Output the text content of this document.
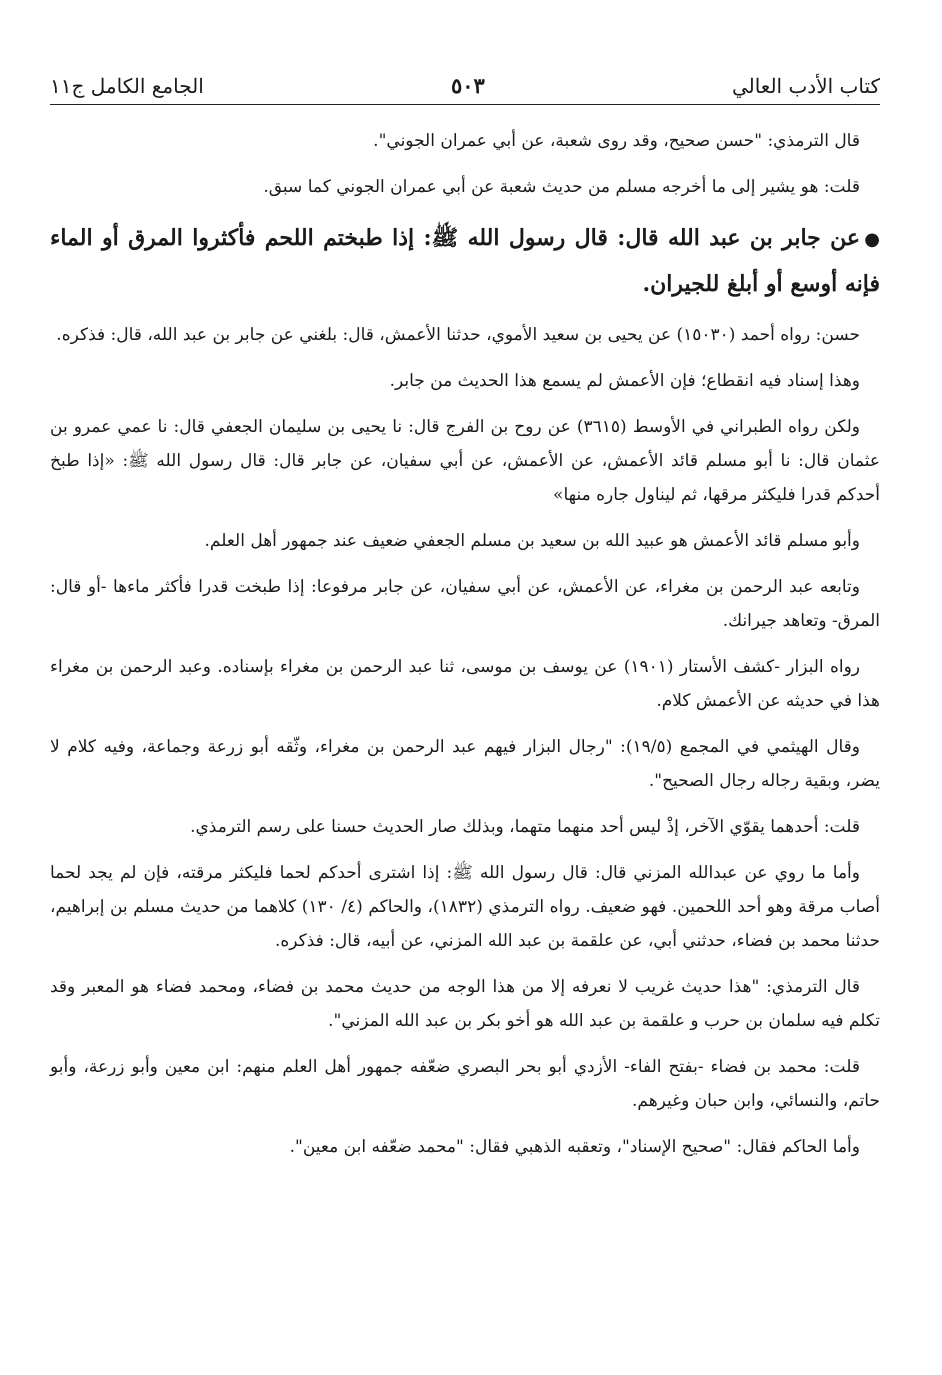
كتاب الأدب العالي
٥٠٣
الجامع الكامل ج١١

قال الترمذي: "حسن صحيح، وقد روى شعبة، عن أبي عمران الجوني".

قلت: هو يشير إلى ما أخرجه مسلم من حديث شعبة عن أبي عمران الجوني كما سبق.

●عن جابر بن عبد الله قال: قال رسول الله ﷺ: إذا طبختم اللحم فأكثروا المرق أو الماء فإنه أوسع أو أبلغ للجيران.

حسن: رواه أحمد (١٥٠٣٠) عن يحيى بن سعيد الأموي، حدثنا الأعمش، قال: بلغني عن جابر بن عبد الله، قال: فذكره.

وهذا إسناد فيه انقطاع؛ فإن الأعمش لم يسمع هذا الحديث من جابر.

ولكن رواه الطبراني في الأوسط (٣٦١٥) عن روح بن الفرج قال: نا يحيى بن سليمان الجعفي قال: نا عمي عمرو بن عثمان قال: نا أبو مسلم قائد الأعمش، عن الأعمش، عن أبي سفيان، عن جابر قال: قال رسول الله ﷺ: «إذا طبخ أحدكم قدرا فليكثر مرقها، ثم ليناول جاره منها»

وأبو مسلم قائد الأعمش هو عبيد الله بن سعيد بن مسلم الجعفي ضعيف عند جمهور أهل العلم.

وتابعه عبد الرحمن بن مغراء، عن الأعمش، عن أبي سفيان، عن جابر مرفوعا: إذا طبخت قدرا فأكثر ماءها -أو قال: المرق- وتعاهد جيرانك.

رواه البزار -كشف الأستار (١٩٠١) عن يوسف بن موسى، ثنا عبد الرحمن بن مغراء بإسناده. وعبد الرحمن بن مغراء هذا في حديثه عن الأعمش كلام.

وقال الهيثمي في المجمع (١٩/٥): "رجال البزار فيهم عبد الرحمن بن مغراء، وثّقه أبو زرعة وجماعة، وفيه كلام لا يضر، وبقية رجاله رجال الصحيح".

قلت: أحدهما يقوّي الآخر، إذْ ليس أحد منهما متهما، وبذلك صار الحديث حسنا على رسم الترمذي.

وأما ما روي عن عبدالله المزني قال: قال رسول الله ﷺ: إذا اشترى أحدكم لحما فليكثر مرقته، فإن لم يجد لحما أصاب مرقة وهو أحد اللحمين. فهو ضعيف. رواه الترمذي (١٨٣٢)، والحاكم (٤/ ١٣٠) كلاهما من حديث مسلم بن إبراهيم، حدثنا محمد بن فضاء، حدثني أبي، عن علقمة بن عبد الله المزني، عن أبيه، قال: فذكره.

قال الترمذي: "هذا حديث غريب لا نعرفه إلا من هذا الوجه من حديث محمد بن فضاء، ومحمد فضاء هو المعبر وقد تكلم فيه سلمان بن حرب و علقمة بن عبد الله هو أخو بكر بن عبد الله المزني".

قلت: محمد بن فضاء -بفتح الفاء- الأزدي أبو بحر البصري ضعّفه جمهور أهل العلم منهم: ابن معين وأبو زرعة، وأبو حاتم، والنسائي، وابن حبان وغيرهم.

وأما الحاكم فقال: "صحيح الإسناد"، وتعقبه الذهبي فقال: "محمد ضعّفه ابن معين".
